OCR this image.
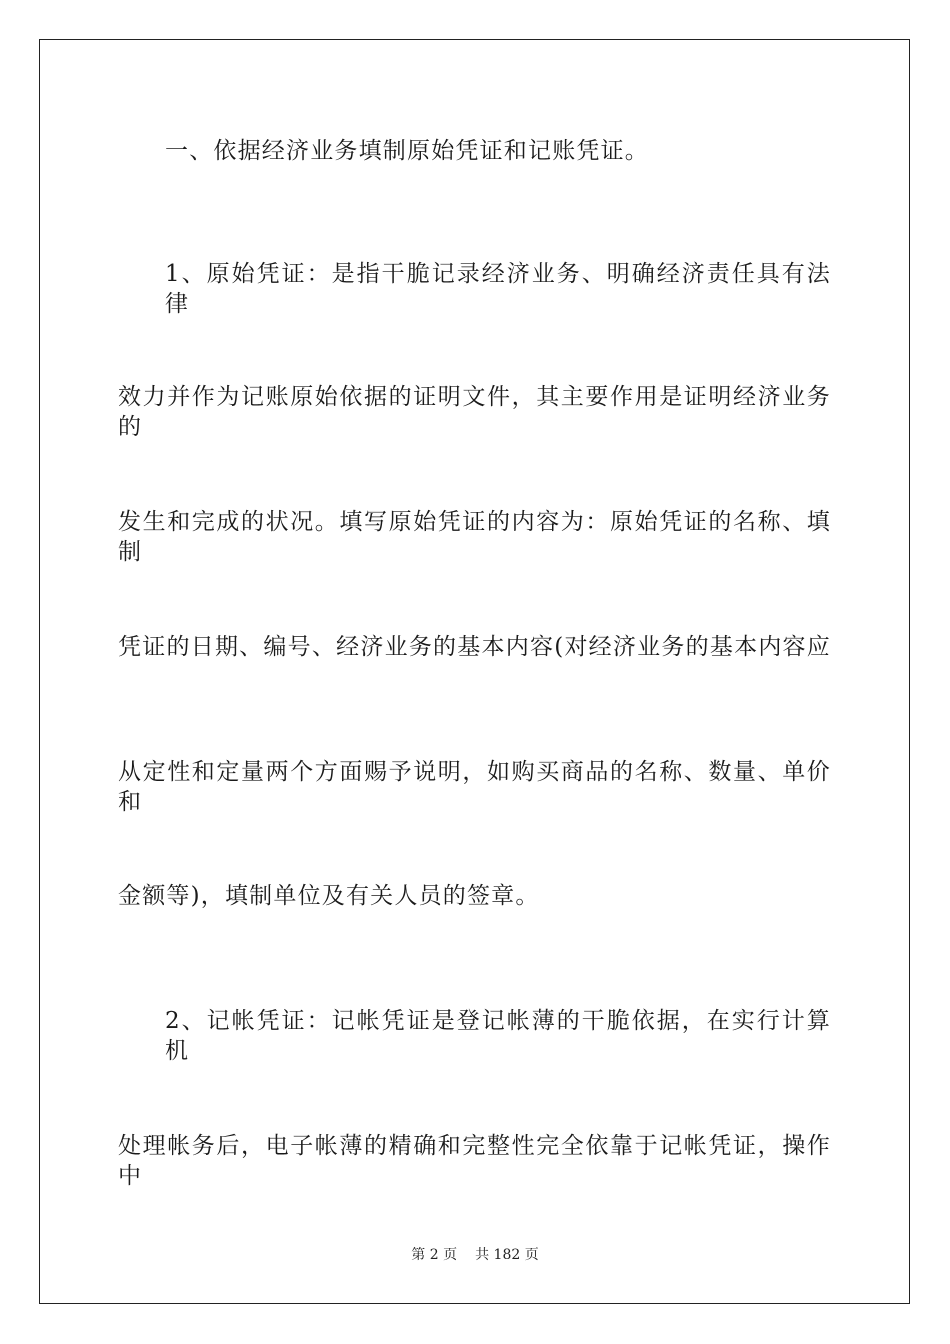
一、依据经济业务填制原始凭证和记账凭证。
1、原始凭证：是指干脆记录经济业务、明确经济责任具有法律
效力并作为记账原始依据的证明文件，其主要作用是证明经济业务的
发生和完成的状况。填写原始凭证的内容为：原始凭证的名称、填制
凭证的日期、编号、经济业务的基本内容(对经济业务的基本内容应
从定性和定量两个方面赐予说明，如购买商品的名称、数量、单价和
金额等)，填制单位及有关人员的签章。
2、记帐凭证：记帐凭证是登记帐薄的干脆依据，在实行计算机
处理帐务后，电子帐薄的精确和完整性完全依靠于记帐凭证，操作中
第 2 页 共 182 页
